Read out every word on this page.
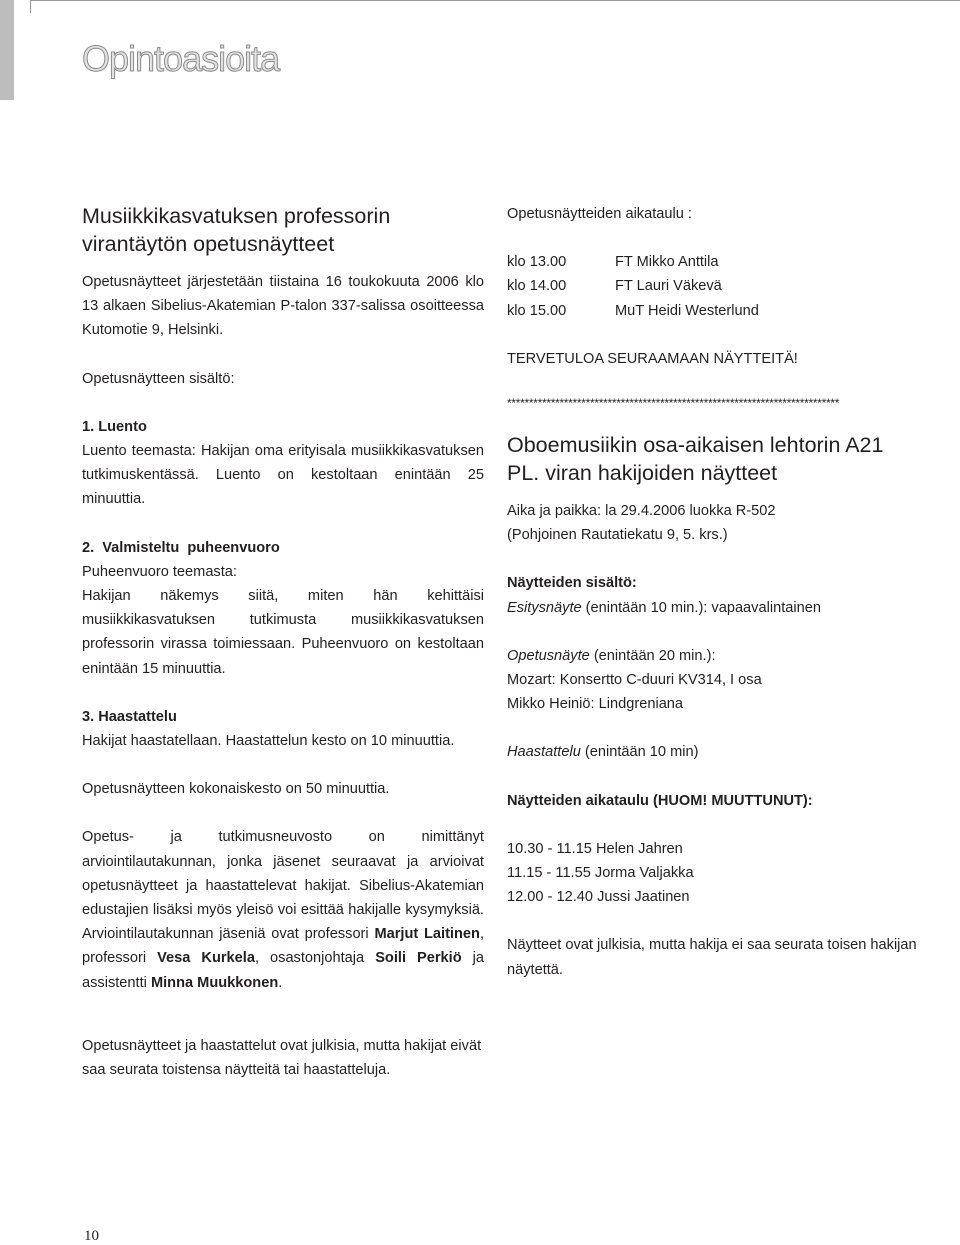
Opintoasioita

Musiikkikasvatuksen professorin

virantäytön opetusnäytteet

Opetusnäytteet järjestetään tiistaina 16 toukokuuta 2006 klo 13 alkaen Sibelius-Akatemian P-talon 337-salissa osoitteessa Kutomotie 9, Helsinki.

Opetusnäytteen sisältö:

1. Luento

Luento teemasta: Hakijan oma erityisala musiikkikasvatuksen tutkimuskentässä. Luento on kestoltaan enintään 25 minuuttia.

2. Valmisteltu puheenvuoro

Puheenvuoro teemasta:

Hakijan näkemys siitä, miten hän kehittäisi musiikkikasvatuksen tutkimusta musiikkikasvatuksen professorin virassa toimiessaan. Puheenvuoro on kestoltaan enintään 15 minuuttia.

3. Haastattelu

Hakijat haastatellaan. Haastattelun kesto on 10 minuuttia.

Opetusnäytteen kokonaiskesto on 50 minuuttia.

Opetus- ja tutkimusneuvosto on nimittänyt arviointilautakunnan, jonka jäsenet seuraavat ja arvioivat opetusnäytteet ja haastattelevat hakijat. Sibelius-Akatemian edustajien lisäksi myös yleisö voi esittää hakijalle kysymyksiä. Arviointilautakunnan jäseniä ovat professori Marjut Laitinen, professori Vesa Kurkela, osastonjohtaja Soili Perkiö ja assistentti Minna Muukkonen.

Opetusnäytteet ja haastattelut ovat julkisia, mutta hakijat eivät saa seurata toistensa näytteitä tai haastatteluja.

Opetusnäytteiden aikataulu :

klo 13.00	FT Mikko Anttila
klo 14.00	FT Lauri Väkevä
klo 15.00	MuT Heidi Westerlund

TERVETULOA SEURAAMAAN NÄYTTEITÄ!

****************************************************************************

Oboemusiikin osa-aikaisen lehtorin A21

PL. viran hakijoiden näytteet

Aika ja paikka: la 29.4.2006 luokka R-502

(Pohjoinen Rautatiekatu 9, 5. krs.)

Näytteiden sisältö:

Esitysnäyte (enintään 10 min.): vapaavalintainen

Opetusnäyte (enintään 20 min.):

Mozart: Konsertto C-duuri KV314, I osa

Mikko Heiniö: Lindgreniana

Haastattelu (enintään 10 min)

Näytteiden aikataulu (HUOM! MUUTTUNUT):

10.30 - 11.15 Helen Jahren

11.15 - 11.55 Jorma Valjakka

12.00 - 12.40 Jussi Jaatinen

Näytteet ovat julkisia, mutta hakija ei saa seurata toisen hakijan näytettä.

10
